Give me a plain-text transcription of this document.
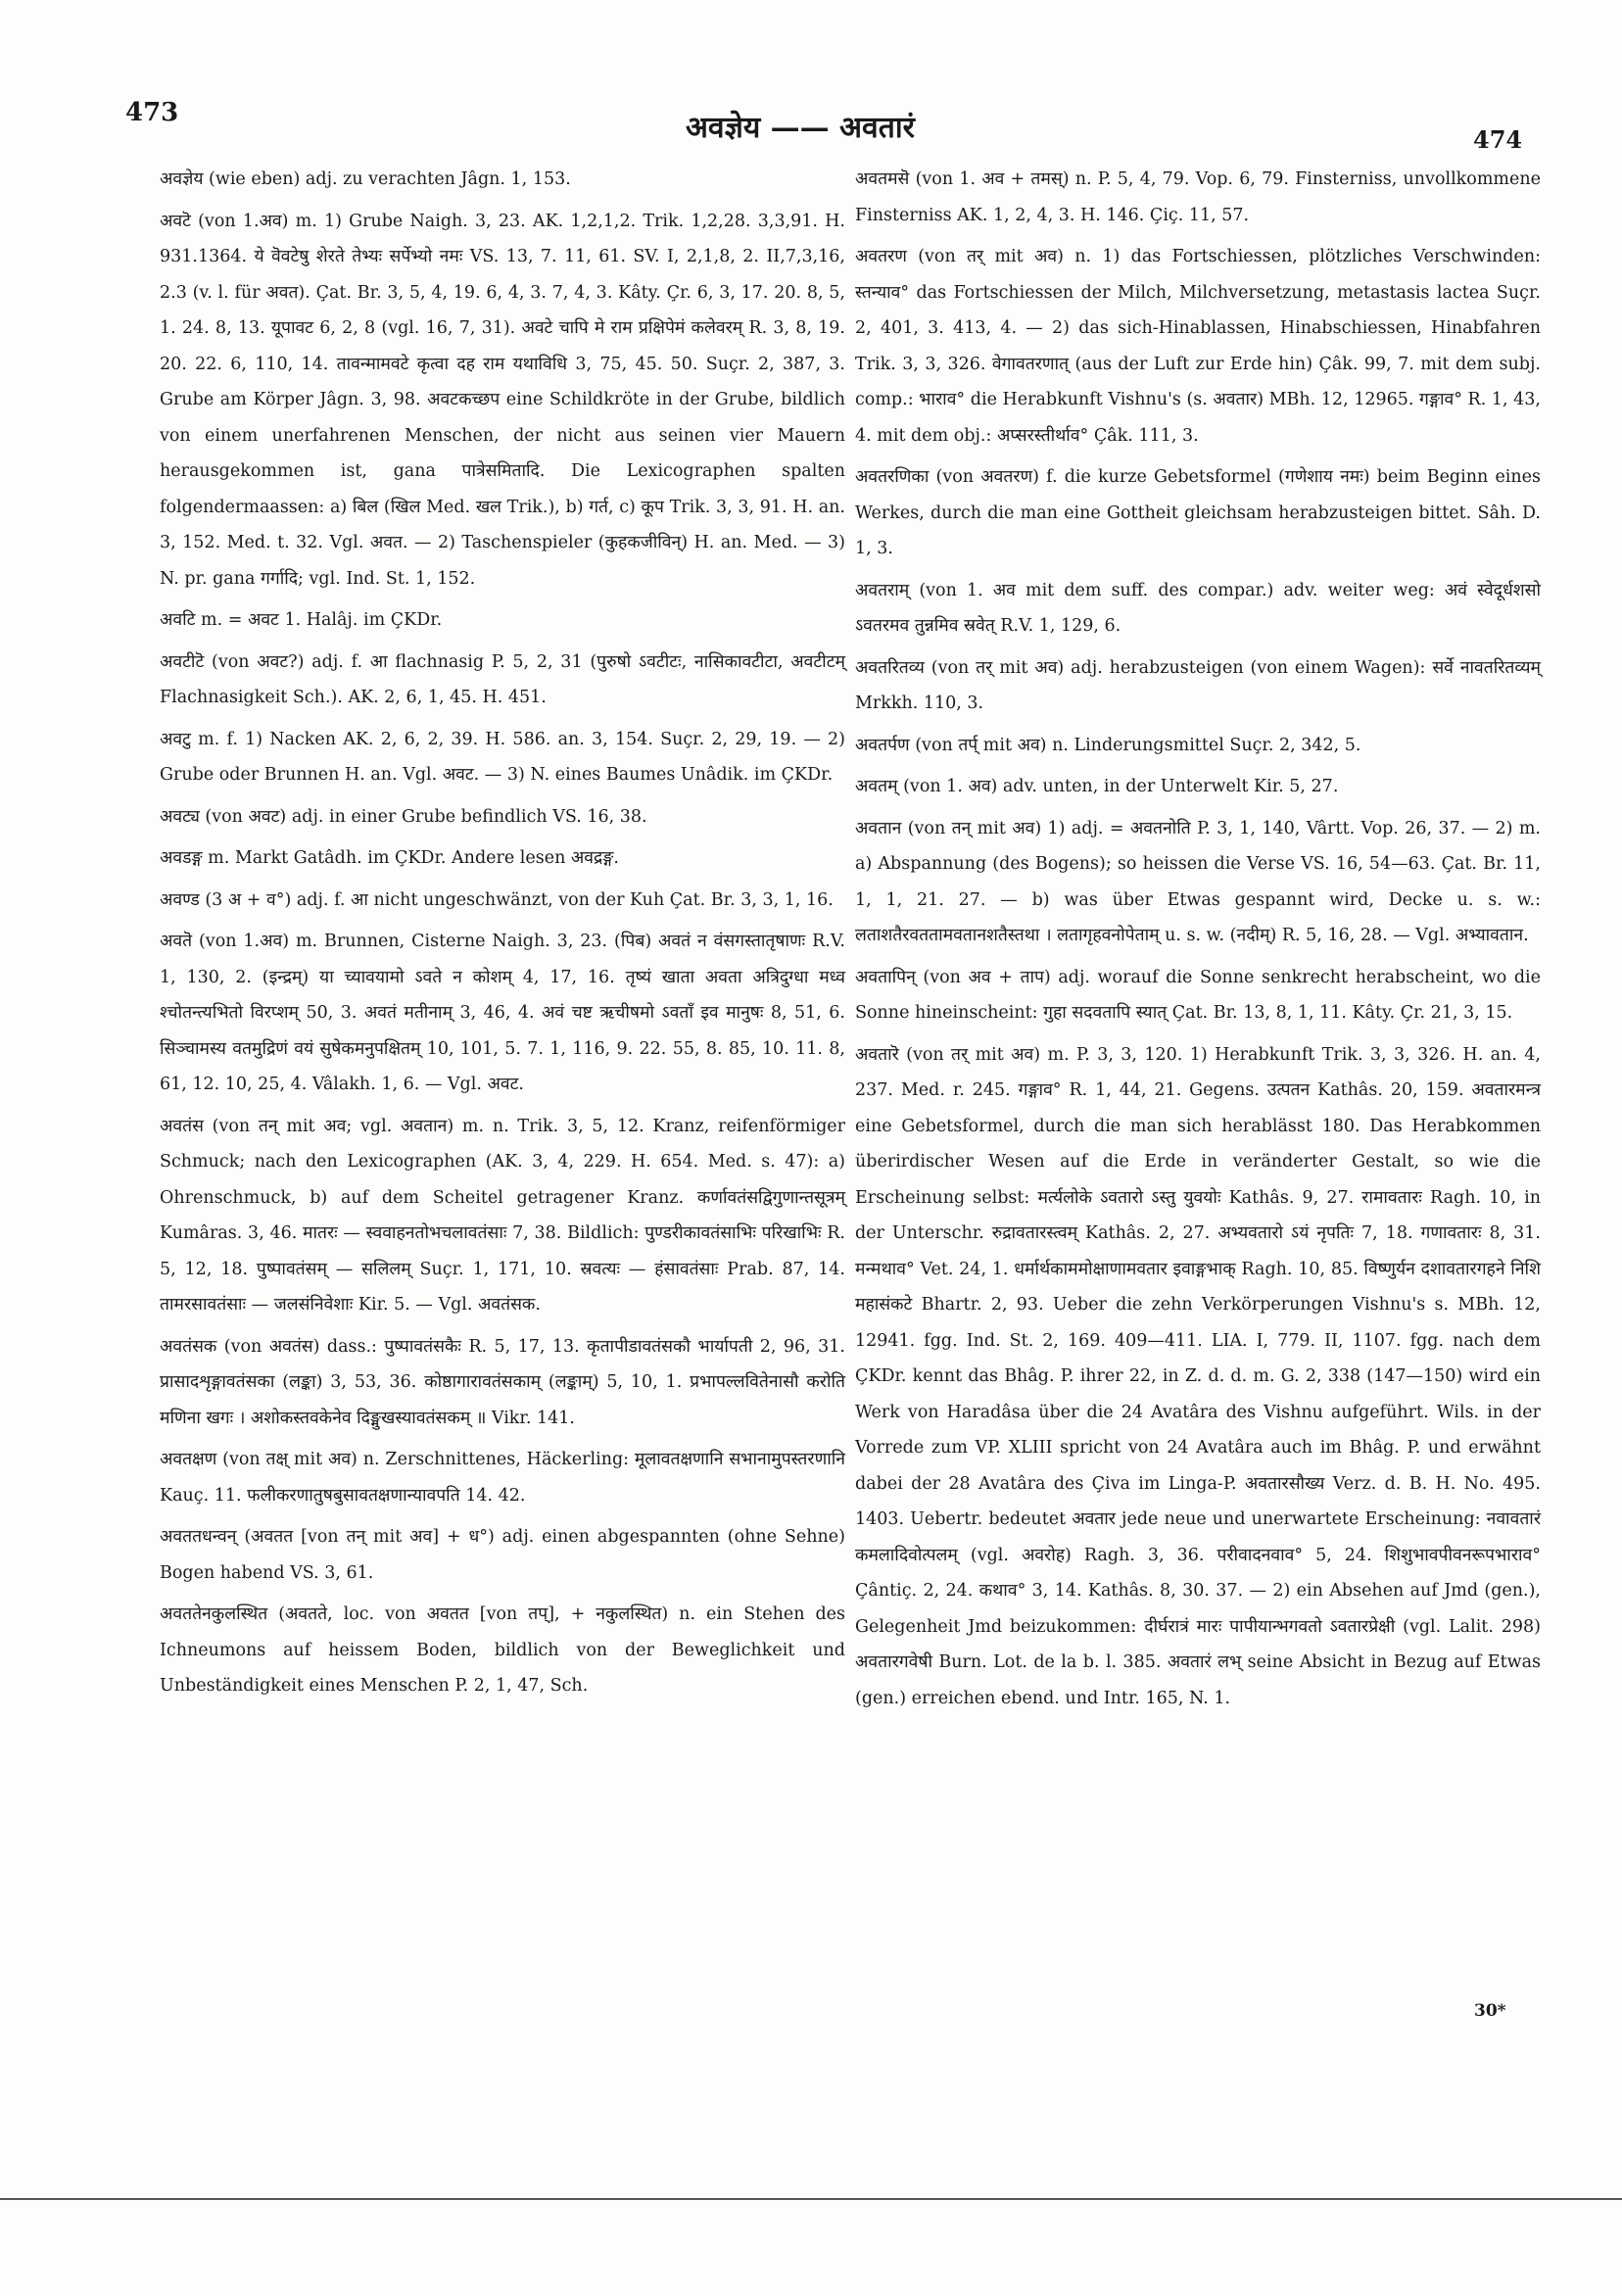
473	अवज्ञेय —— अवतारं	474

अवज्ञेय (wie eben) adj. zu verachten Jâgn. 1, 153.

अवटॆ (von 1.अव) m. 1) Grube Naigh. 3, 23. AK. 1,2,1,2. Trik. 1,2,28. 3,3,91. H. 931.1364. ये वॆवटेषु शेरते तेभ्यः सर्पेभ्यो नमः VS. 13, 7. 11, 61. SV. I, 2,1,8, 2. II,7,3,16, 2.3 (v. l. für अवत). Çat. Br. 3, 5, 4, 19. 6, 4, 3. 7, 4, 3. Kâty. Çr. 6, 3, 17. 20. 8, 5, 1. 24. 8, 13. यूपावट 6, 2, 8 (vgl. 16, 7, 31). अवटे चापि मे राम प्रक्षिपेमं कलेवरम् R. 3, 8, 19. 20. 22. 6, 110, 14. तावन्मामवटे कृत्वा दह राम यथाविधि 3, 75, 45. 50. Suçr. 2, 387, 3. Grube am Körper Jâgn. 3, 98. अवटकच्छप eine Schildkröte in der Grube, bildlich von einem unerfahrenen Menschen, der nicht aus seinen vier Mauern herausgekommen ist, gana पात्रेसमितादि. Die Lexicographen spalten folgendermaassen: a) बिल (खिल Med. खल Trik.), b) गर्त, c) कूप Trik. 3, 3, 91. H. an. 3, 152. Med. t. 32. Vgl. अवत. — 2) Taschenspieler (कुहकजीविन्) H. an. Med. — 3) N. pr. gana गर्गादि; vgl. Ind. St. 1, 152.

अवटि m. = अवट 1. Halâj. im ÇKDr.

अवटीटॆ (von अवट?) adj. f. आ flachnasig P. 5, 2, 31 (पुरुषो ऽवटीटः, नासिकावटीटा, अवटीटम् Flachnasigkeit Sch.). AK. 2, 6, 1, 45. H. 451.

अवटु m. f. 1) Nacken AK. 2, 6, 2, 39. H. 586. an. 3, 154. Suçr. 2, 29, 19. — 2) Grube oder Brunnen H. an. Vgl. अवट. — 3) N. eines Baumes Unâdik. im ÇKDr.

अवट्य (von अवट) adj. in einer Grube befindlich VS. 16, 38.

अवडङ्ग m. Markt Gatâdh. im ÇKDr. Andere lesen अवद्रङ्ग.

अवण्ड (3 अ + व°) adj. f. आ nicht ungeschwänzt, von der Kuh Çat. Br. 3, 3, 1, 16.

अवतॆ (von 1.अव) m. Brunnen, Cisterne Naigh. 3, 23. (पिब) अवतं न वंसगस्तातृषाणः R.V. 1, 130, 2. (इन्द्रम्) या च्यावयामो ऽवते न कोशम् 4, 17, 16. तृष्यं खाता अवता अत्रिदुग्धा मध्व श्चोतन्त्यभितो विरप्शम् 50, 3. अवतं मतीनाम् 3, 46, 4. अवं चष्ट ऋचीषमो ऽवताँ इव मानुषः 8, 51, 6. सिञ्चामस्य वतमुद्रिणं वयं सुषेकमनुपक्षितम् 10, 101, 5. 7. 1, 116, 9. 22. 55, 8. 85, 10. 11. 8, 61, 12. 10, 25, 4. Vâlakh. 1, 6. — Vgl. अवट.

अवतंस (von तन् mit अव; vgl. अवतान) m. n. Trik. 3, 5, 12. Kranz, reifenförmiger Schmuck; nach den Lexicographen (AK. 3, 4, 229. H. 654. Med. s. 47): a) Ohrenschmuck, b) auf dem Scheitel getragener Kranz. कर्णावतंसद्विगुणान्तसूत्रम् Kumâras. 3, 46. मातरः — स्ववाहनतोभचलावतंसाः 7, 38. Bildlich: पुण्डरीकावतंसाभिः परिखाभिः R. 5, 12, 18. पुष्पावतंसम् — सलिलम् Suçr. 1, 171, 10. स्रवत्यः — हंसावतंसाः Prab. 87, 14. तामरसावतंसाः — जलसंनिवेशाः Kir. 5. — Vgl. अवतंसक.

अवतंसक (von अवतंस) dass.: पुष्पावतंसकैः R. 5, 17, 13. कृतापीडावतंसकौ भार्यापती 2, 96, 31. प्रासादशृङ्गावतंसका (लङ्का) 3, 53, 36. कोष्ठागारावतंसकाम् (लङ्काम्) 5, 10, 1. प्रभापल्लवितेनासौ करोति मणिना खगः । अशोकस्तवकेनेव दिङ्मुखस्यावतंसकम् ॥ Vikr. 141.

अवतक्षण (von तक्ष् mit अव) n. Zerschnittenes, Häckerling: मूलावतक्षणानि सभानामुपस्तरणानि Kauç. 11. फलीकरणातुषबुसावतक्षणान्यावपति 14. 42.

अवततधन्वन् (अवतत [von तन् mit अव] + ध°) adj. einen abgespannten (ohne Sehne) Bogen habend VS. 3, 61.

अवततेनकुलस्थित (अवतते, loc. von अवतत [von तप्], + नकुलस्थित) n. ein Stehen des Ichneumons auf heissem Boden, bildlich von der Beweglichkeit und Unbeständigkeit eines Menschen P. 2, 1, 47, Sch.

अवतमसॆ (von 1. अव + तमस्) n. P. 5, 4, 79. Vop. 6, 79. Finsterniss, unvollkommene Finsterniss AK. 1, 2, 4, 3. H. 146. Çiç. 11, 57.

अवतरण (von तर् mit अव) n. 1) das Fortschiessen, plötzliches Verschwinden: स्तन्याव° das Fortschiessen der Milch, Milchversetzung, metastasis lactea Suçr. 2, 401, 3. 413, 4. — 2) das sich-Hinablassen, Hinabschiessen, Hinabfahren Trik. 3, 3, 326. वेगावतरणात् (aus der Luft zur Erde hin) Çâk. 99, 7. mit dem subj. comp.: भाराव° die Herabkunft Vishnu's (s. अवतार) MBh. 12, 12965. गङ्गाव° R. 1, 43, 4. mit dem obj.: अप्सरस्तीर्थाव° Çâk. 111, 3.

अवतरणिका (von अवतरण) f. die kurze Gebetsformel (गणेशाय नमः) beim Beginn eines Werkes, durch die man eine Gottheit gleichsam herabzusteigen bittet. Sâh. D. 1, 3.

अवतराम् (von 1. अव mit dem suff. des compar.) adv. weiter weg: अवं स्वेदूर्धशसो ऽवतरमव तुन्नमिव स्रवेत् R.V. 1, 129, 6.

अवतरितव्य (von तर् mit अव) adj. herabzusteigen (von einem Wagen): सर्वे नावतरितव्यम् Mrkkh. 110, 3.

अवतर्पण (von तर्प् mit अव) n. Linderungsmittel Suçr. 2, 342, 5.

अवतम् (von 1. अव) adv. unten, in der Unterwelt Kir. 5, 27.

अवतान (von तन् mit अव) 1) adj. = अवतनोति P. 3, 1, 140, Vârtt. Vop. 26, 37. — 2) m. a) Abspannung (des Bogens); so heissen die Verse VS. 16, 54—63. Çat. Br. 11, 1, 1, 21. 27. — b) was über Etwas gespannt wird, Decke u. s. w.: लताशतैरवततामवतानशतैस्तथा । लतागृहवनोपेताम् u. s. w. (नदीम्) R. 5, 16, 28. — Vgl. अभ्यावतान.

अवतापिन् (von अव + ताप) adj. worauf die Sonne senkrecht herabscheint, wo die Sonne hineinscheint: गुहा सदवतापि स्यात् Çat. Br. 13, 8, 1, 11. Kâty. Çr. 21, 3, 15.

अवतारॆ (von तर् mit अव) m. P. 3, 3, 120. 1) Herabkunft Trik. 3, 3, 326. H. an. 4, 237. Med. r. 245. गङ्गाव° R. 1, 44, 21. Gegens. उत्पतन Kathâs. 20, 159. अवतारमन्त्र eine Gebetsformel, durch die man sich herablässt 180. Das Herabkommen überirdischer Wesen auf die Erde in veränderter Gestalt, so wie die Erscheinung selbst: मर्त्यलोके ऽवतारो ऽस्तु युवयोः Kathâs. 9, 27. रामावतारः Ragh. 10, in der Unterschr. रुद्रावतारस्त्वम् Kathâs. 2, 27. अभ्यवतारो ऽयं नृपतिः 7, 18. गणावतारः 8, 31. मन्मथाव° Vet. 24, 1. धर्मार्थकाममोक्षाणामवतार इवाङ्गभाक् Ragh. 10, 85. विष्णुर्यन दशावतारगहने निशि महासंकटे Bhartr. 2, 93. Ueber die zehn Verkörperungen Vishnu's s. MBh. 12, 12941. fgg. Ind. St. 2, 169. 409—411. LIA. I, 779. II, 1107. fgg. nach dem ÇKDr. kennt das Bhâg. P. ihrer 22, in Z. d. d. m. G. 2, 338 (147—150) wird ein Werk von Haradâsa über die 24 Avatâra des Vishnu aufgeführt. Wils. in der Vorrede zum VP. XLIII spricht von 24 Avatâra auch im Bhâg. P. und erwähnt dabei der 28 Avatâra des Çiva im Linga-P. अवतारसौख्य Verz. d. B. H. No. 495. 1403. Uebertr. bedeutet अवतार jede neue und unerwartete Erscheinung: नवावतारं कमलादिवोत्पलम् (vgl. अवरोह) Ragh. 3, 36. परीवादनवाव° 5, 24. शिशुभावपीवनरूपभाराव° Çântiç. 2, 24. कथाव° 3, 14. Kathâs. 8, 30. 37. — 2) ein Absehen auf Jmd (gen.), Gelegenheit Jmd beizukommen: दीर्घरात्रं मारः पापीयान्भगवतो ऽवतारप्रेक्षी (vgl. Lalit. 298) अवतारगवेषी Burn. Lot. de la b. l. 385. अवतारं लभ् seine Absicht in Bezug auf Etwas (gen.) erreichen ebend. und Intr. 165, N. 1.

30*
